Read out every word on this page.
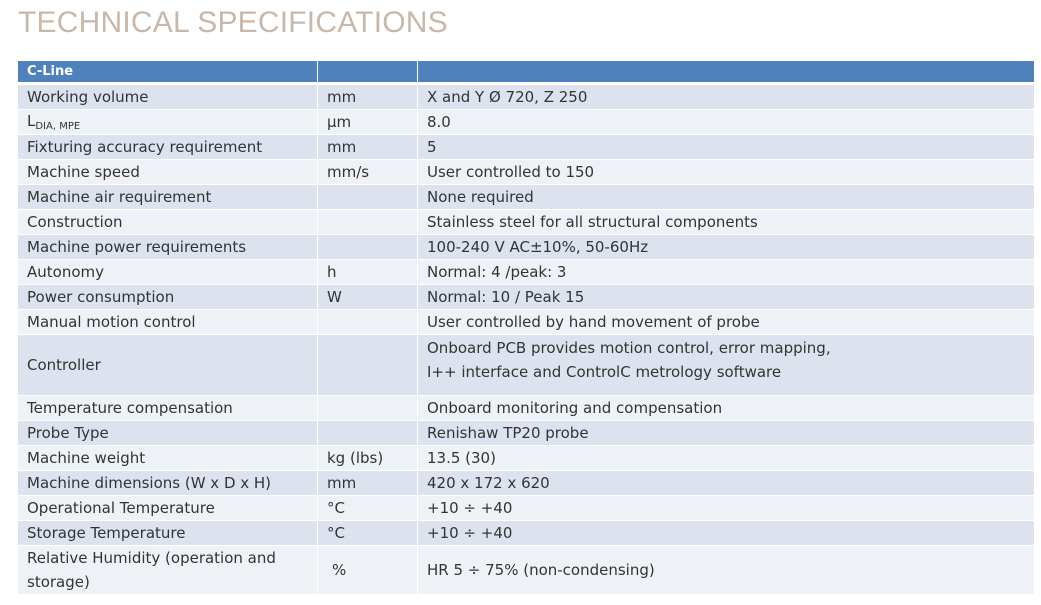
TECHNICAL SPECIFICATIONS
C-Line		
Working volume	mm	X and Y Ø 720, Z 250
$L_{DIA, MPE}$	μm	8.0
Fixturing accuracy requirement	mm	5
Machine speed	mm/s	User controlled to 150
Machine air requirement		None required
Construction		Stainless steel for all structural components
Machine power requirements		100-240 V AC±10%, 50-60Hz
Autonomy	h	Normal: 4 /peak: 3
Power consumption	W	Normal: 10 / Peak 15
Manual motion control		User controlled by hand movement of probe
Controller		Onboard PCB provides motion control, error mapping,
I++ interface and ControlC metrology software

Temperature compensation		Onboard monitoring and compensation
Probe Type		Renishaw TP20 probe
Machine weight	kg (lbs)	13.5 (30)
Machine dimensions (W x D x H)	mm	420 x 172 x 620
Operational Temperature	°C	+10 ÷ +40
Storage Temperature	°C	+10 ÷ +40

Relative Humidity (operation and
storage)	%	HR 5 ÷ 75% (non-condensing)
